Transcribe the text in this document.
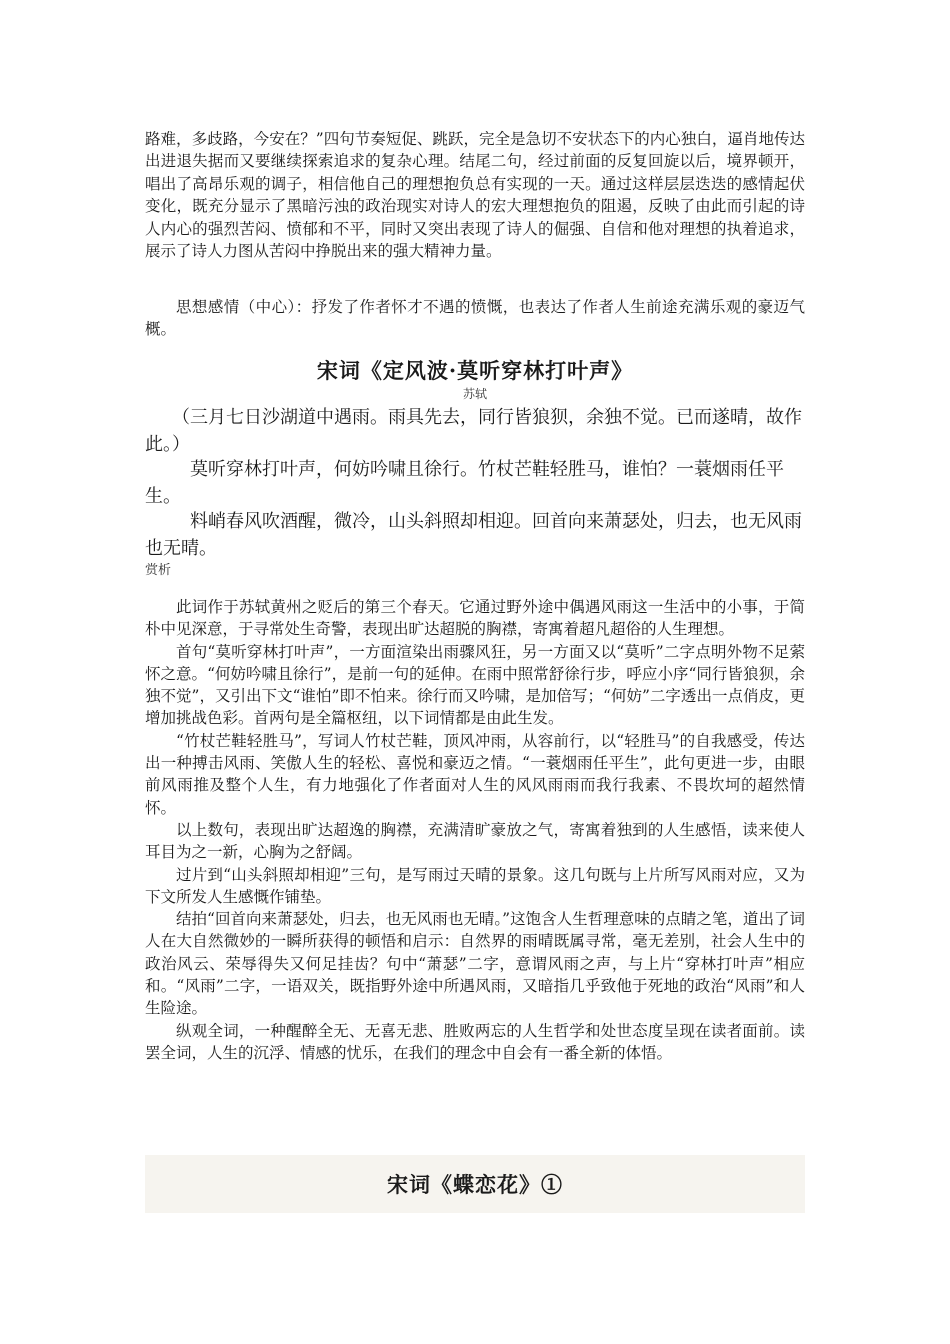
路难，多歧路，今安在？”四句节奏短促、跳跃，完全是急切不安状态下的内心独白，逼肖地传达出进退失据而又要继续探索追求的复杂心理。结尾二句，经过前面的反复回旋以后，境界顿开，唱出了高昂乐观的调子，相信他自己的理想抱负总有实现的一天。通过这样层层迭迭的感情起伏变化，既充分显示了黑暗污浊的政治现实对诗人的宏大理想抱负的阻遏，反映了由此而引起的诗人内心的强烈苦闷、愤郁和不平，同时又突出表现了诗人的倔强、自信和他对理想的执着追求，展示了诗人力图从苦闷中挣脱出来的强大精神力量。

思想感情（中心）：抒发了作者怀才不遇的愤慨，也表达了作者人生前途充满乐观的豪迈气概。

宋词《定风波·莫听穿林打叶声》

苏轼

（三月七日沙湖道中遇雨。雨具先去，同行皆狼狈，余独不觉。已而遂晴，故作此。）

莫听穿林打叶声，何妨吟啸且徐行。竹杖芒鞋轻胜马，谁怕？一蓑烟雨任平生。

料峭春风吹酒醒，微冷，山头斜照却相迎。回首向来萧瑟处，归去，也无风雨也无晴。

赏析

此词作于苏轼黄州之贬后的第三个春天。它通过野外途中偶遇风雨这一生活中的小事，于简朴中见深意，于寻常处生奇警，表现出旷达超脱的胸襟，寄寓着超凡超俗的人生理想。

首句“莫听穿林打叶声”，一方面渲染出雨骤风狂，另一方面又以“莫听”二字点明外物不足萦怀之意。“何妨吟啸且徐行”，是前一句的延伸。在雨中照常舒徐行步，呼应小序“同行皆狼狈，余独不觉”，又引出下文“谁怕”即不怕来。徐行而又吟啸，是加倍写；“何妨”二字透出一点俏皮，更增加挑战色彩。首两句是全篇枢纽，以下词情都是由此生发。

“竹杖芒鞋轻胜马”，写词人竹杖芒鞋，顶风冲雨，从容前行，以“轻胜马”的自我感受，传达出一种搏击风雨、笑傲人生的轻松、喜悦和豪迈之情。“一蓑烟雨任平生”，此句更进一步，由眼前风雨推及整个人生，有力地强化了作者面对人生的风风雨雨而我行我素、不畏坎坷的超然情怀。

以上数句，表现出旷达超逸的胸襟，充满清旷豪放之气，寄寓着独到的人生感悟，读来使人耳目为之一新，心胸为之舒阔。

过片到“山头斜照却相迎”三句，是写雨过天晴的景象。这几句既与上片所写风雨对应，又为下文所发人生感慨作铺垫。

结拍“回首向来萧瑟处，归去，也无风雨也无晴。”这饱含人生哲理意味的点睛之笔，道出了词人在大自然微妙的一瞬所获得的顿悟和启示：自然界的雨晴既属寻常，毫无差别，社会人生中的政治风云、荣辱得失又何足挂齿？句中“萧瑟”二字，意谓风雨之声，与上片“穿林打叶声”相应和。“风雨”二字，一语双关，既指野外途中所遇风雨，又暗指几乎致他于死地的政治“风雨”和人生险途。

纵观全词，一种醒醉全无、无喜无悲、胜败两忘的人生哲学和处世态度呈现在读者面前。读罢全词，人生的沉浮、情感的忧乐，在我们的理念中自会有一番全新的体悟。

宋词《蝶恋花》①
